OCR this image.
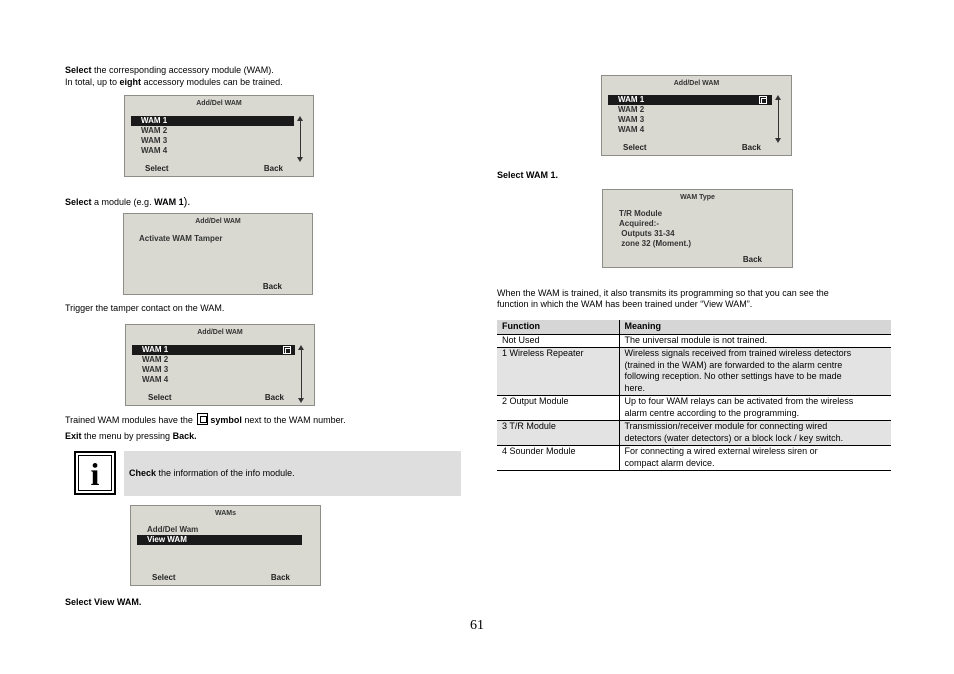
Select the corresponding accessory module (WAM).
In total, up to eight accessory modules can be trained.
Add/Del WAM
WAM 1
WAM 2
WAM 3
WAM 4
Select	Back
Select a module (e.g. WAM 1).
Add/Del WAM
Activate WAM Tamper
Back
Trigger the tamper contact on the WAM.
Add/Del WAM
WAM 1
WAM 2
WAM 3
WAM 4
Select	Back
Trained WAM modules have the symbol next to the WAM number.
Exit the menu by pressing Back.
i	Check the information of the info module.
WAMs
Add/Del Wam
View WAM
Select	Back
Select View WAM.
Add/Del WAM
WAM 1
WAM 2
WAM 3
WAM 4
Select	Back
Select WAM 1.
WAM Type
T/R Module
Acquired:-
Outputs 31-34
zone 32 (Moment.)
Back
When the WAM is trained, it also transmits its programming so that you can see the
function in which the WAM has been trained under “View WAM”.
Function	Meaning
Not Used	The universal module is not trained.

1 Wireless Repeater	Wireless signals received from trained wireless detectors
(trained in the WAM) are forwarded to the alarm centre
following reception. No other settings have to be made
here.

2 Output Module	Up to four WAM relays can be activated from the wireless
alarm centre according to the programming.

3 T/R Module	Transmission/receiver module for connecting wired
detectors (water detectors) or a block lock / key switch.

4 Sounder Module	For connecting a wired external wireless siren or
compact alarm device.
61
